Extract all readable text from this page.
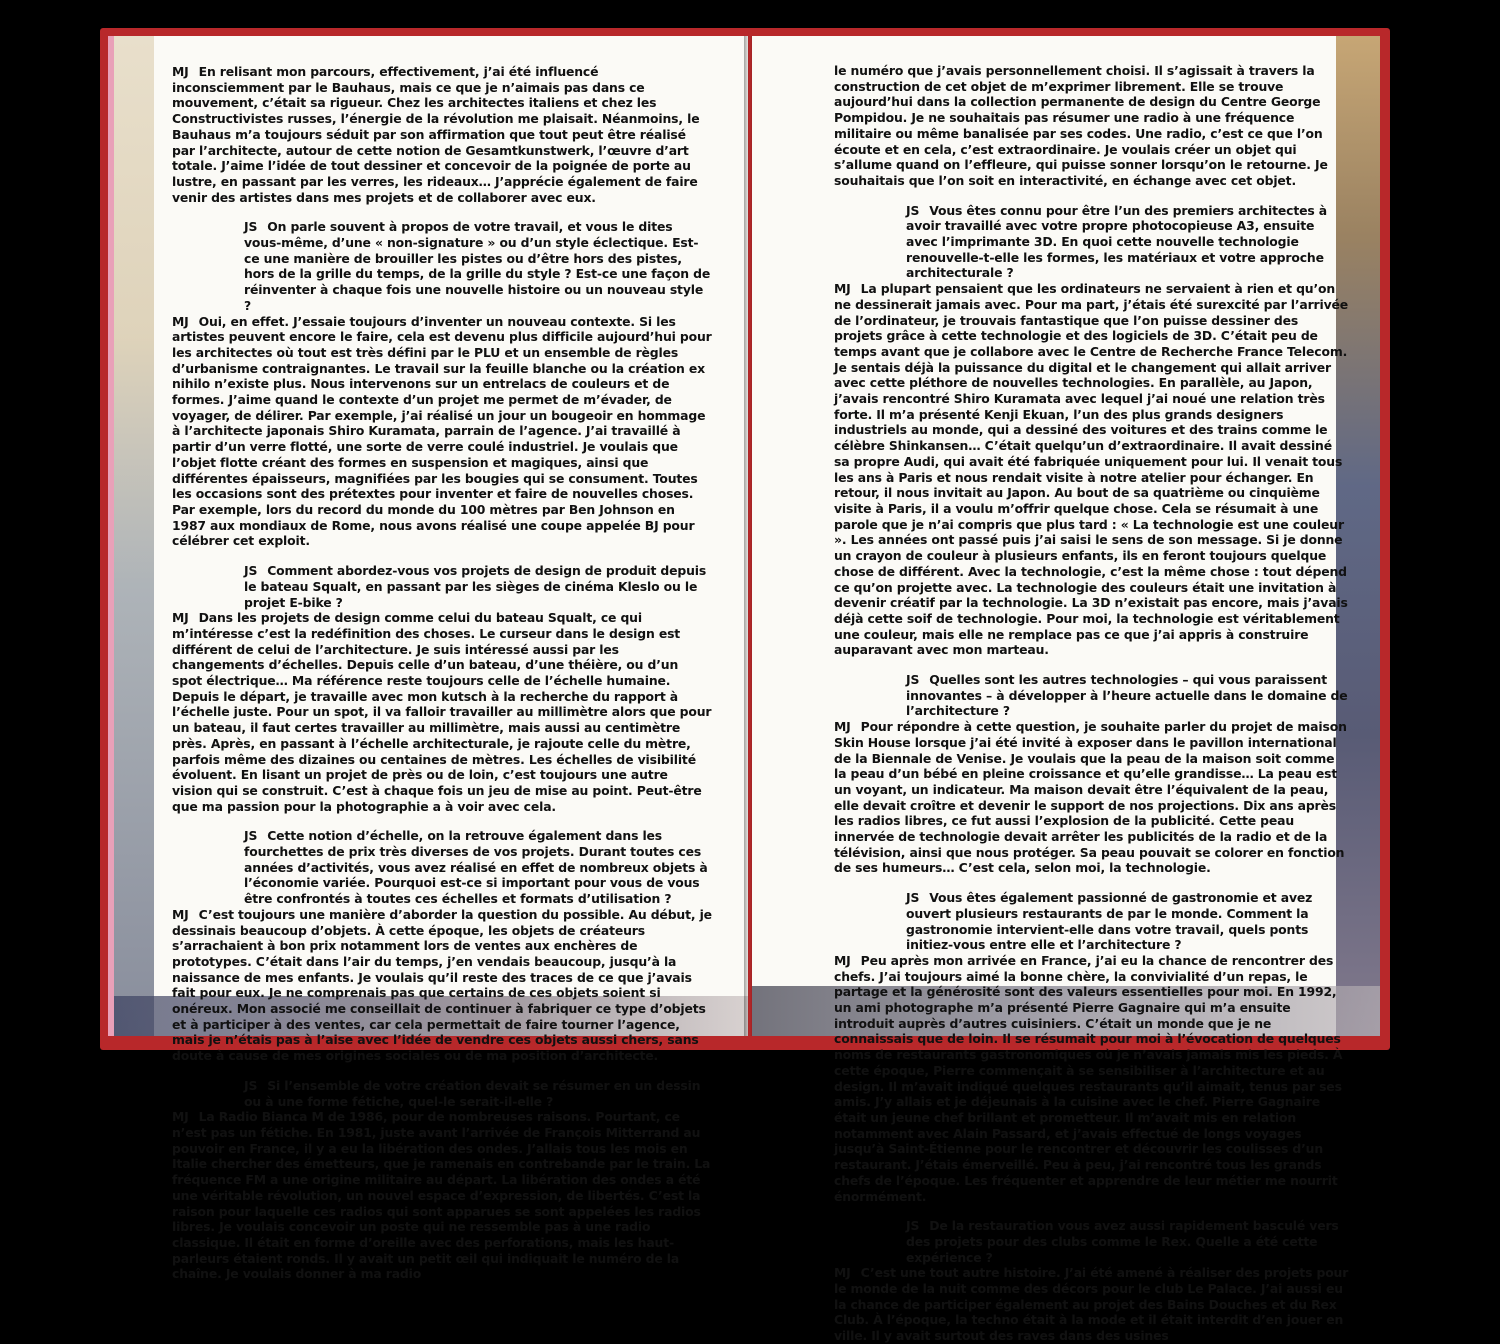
MJ En relisant mon parcours, effectivement, j’ai été influencé inconsciemment par le Bauhaus, mais ce que je n’aimais pas dans ce mouvement, c’était sa rigueur. Chez les architectes italiens et chez les Constructivistes russes, l’énergie de la révolution me plaisait. Néanmoins, le Bauhaus m’a toujours séduit par son affirmation que tout peut être réalisé par l’architecte, autour de cette notion de Gesamtkunstwerk, l’œuvre d’art totale. J’aime l’idée de tout dessiner et concevoir de la poignée de porte au lustre, en passant par les verres, les rideaux… J’apprécie également de faire venir des artistes dans mes projets et de collaborer avec eux.

JS On parle souvent à propos de votre travail, et vous le dites vous-même, d’une « non-signature » ou d’un style éclectique. Est-ce une manière de brouiller les pistes ou d’être hors des pistes, hors de la grille du temps, de la grille du style ? Est-ce une façon de réinventer à chaque fois une nouvelle histoire ou un nouveau style ?

MJ Oui, en effet. J’essaie toujours d’inventer un nouveau contexte. Si les artistes peuvent encore le faire, cela est devenu plus difficile aujourd’hui pour les architectes où tout est très défini par le PLU et un ensemble de règles d’urbanisme contraignantes. Le travail sur la feuille blanche ou la création ex nihilo n’existe plus. Nous intervenons sur un entrelacs de couleurs et de formes. J’aime quand le contexte d’un projet me permet de m’évader, de voyager, de délirer. Par exemple, j’ai réalisé un jour un bougeoir en hommage à l’architecte japonais Shiro Kuramata, parrain de l’agence. J’ai travaillé à partir d’un verre flotté, une sorte de verre coulé industriel. Je voulais que l’objet flotte créant des formes en suspension et magiques, ainsi que différentes épaisseurs, magnifiées par les bougies qui se consument. Toutes les occasions sont des prétextes pour inventer et faire de nouvelles choses. Par exemple, lors du record du monde du 100 mètres par Ben Johnson en 1987 aux mondiaux de Rome, nous avons réalisé une coupe appelée BJ pour célébrer cet exploit.

JS Comment abordez-vous vos projets de design de produit depuis le bateau Squalt, en passant par les sièges de cinéma Kleslo ou le projet E-bike ?

MJ Dans les projets de design comme celui du bateau Squalt, ce qui m’intéresse c’est la redéfinition des choses. Le curseur dans le design est différent de celui de l’architecture. Je suis intéressé aussi par les changements d’échelles. Depuis celle d’un bateau, d’une théière, ou d’un spot électrique… Ma référence reste toujours celle de l’échelle humaine. Depuis le départ, je travaille avec mon kutsch à la recherche du rapport à l’échelle juste. Pour un spot, il va falloir travailler au millimètre alors que pour un bateau, il faut certes travailler au millimètre, mais aussi au centimètre près. Après, en passant à l’échelle architecturale, je rajoute celle du mètre, parfois même des dizaines ou centaines de mètres. Les échelles de visibilité évoluent. En lisant un projet de près ou de loin, c’est toujours une autre vision qui se construit. C’est à chaque fois un jeu de mise au point. Peut-être que ma passion pour la photographie a à voir avec cela.

JS Cette notion d’échelle, on la retrouve également dans les fourchettes de prix très diverses de vos projets. Durant toutes ces années d’activités, vous avez réalisé en effet de nombreux objets à l’économie variée. Pourquoi est-ce si important pour vous de vous être confrontés à toutes ces échelles et formats d’utilisation ?

MJ C’est toujours une manière d’aborder la question du possible. Au début, je dessinais beaucoup d’objets. À cette époque, les objets de créateurs s’arrachaient à bon prix notamment lors de ventes aux enchères de prototypes. C’était dans l’air du temps, j’en vendais beaucoup, jusqu’à la naissance de mes enfants. Je voulais qu’il reste des traces de ce que j’avais fait pour eux. Je ne comprenais pas que certains de ces objets soient si onéreux. Mon associé me conseillait de continuer à fabriquer ce type d’objets et à participer à des ventes, car cela permettait de faire tourner l’agence, mais je n’étais pas à l’aise avec l’idée de vendre ces objets aussi chers, sans doute à cause de mes origines sociales ou de ma position d’architecte.

JS Si l’ensemble de votre création devait se résumer en un dessin ou à une forme fétiche, quel-le serait-il-elle ?

MJ La Radio Bianca M de 1986, pour de nombreuses raisons. Pourtant, ce n’est pas un fétiche. En 1981, juste avant l’arrivée de François Mitterrand au pouvoir en France, il y a eu la libération des ondes. J’allais tous les mois en Italie chercher des émetteurs, que je ramenais en contrebande par le train. La fréquence FM a une origine militaire au départ. La libération des ondes a été une véritable révolution, un nouvel espace d’expression, de libertés. C’est la raison pour laquelle ces radios qui sont apparues se sont appelées les radios libres. Je voulais concevoir un poste qui ne ressemble pas à une radio classique. Il était en forme d’oreille avec des perforations, mais les haut-parleurs étaient ronds. Il y avait un petit œil qui indiquait le numéro de la chaîne. Je voulais donner à ma radio

le numéro que j’avais personnellement choisi. Il s’agissait à travers la construction de cet objet de m’exprimer librement. Elle se trouve aujourd’hui dans la collection permanente de design du Centre George Pompidou. Je ne souhaitais pas résumer une radio à une fréquence militaire ou même banalisée par ses codes. Une radio, c’est ce que l’on écoute et en cela, c’est extraordinaire. Je voulais créer un objet qui s’allume quand on l’effleure, qui puisse sonner lorsqu’on le retourne. Je souhaitais que l’on soit en interactivité, en échange avec cet objet.

JS Vous êtes connu pour être l’un des premiers architectes à avoir travaillé avec votre propre photocopieuse A3, ensuite avec l’imprimante 3D. En quoi cette nouvelle technologie renouvelle-t-elle les formes, les matériaux et votre approche architecturale ?

MJ La plupart pensaient que les ordinateurs ne servaient à rien et qu’on ne dessinerait jamais avec. Pour ma part, j’étais été surexcité par l’arrivée de l’ordinateur, je trouvais fantastique que l’on puisse dessiner des projets grâce à cette technologie et des logiciels de 3D. C’était peu de temps avant que je collabore avec le Centre de Recherche France Telecom. Je sentais déjà la puissance du digital et le changement qui allait arriver avec cette pléthore de nouvelles technologies. En parallèle, au Japon, j’avais rencontré Shiro Kuramata avec lequel j’ai noué une relation très forte. Il m’a présenté Kenji Ekuan, l’un des plus grands designers industriels au monde, qui a dessiné des voitures et des trains comme le célèbre Shinkansen… C’était quelqu’un d’extraordinaire. Il avait dessiné sa propre Audi, qui avait été fabriquée uniquement pour lui. Il venait tous les ans à Paris et nous rendait visite à notre atelier pour échanger. En retour, il nous invitait au Japon. Au bout de sa quatrième ou cinquième visite à Paris, il a voulu m’offrir quelque chose. Cela se résumait à une parole que je n’ai compris que plus tard : « La technologie est une couleur ». Les années ont passé puis j’ai saisi le sens de son message. Si je donne un crayon de couleur à plusieurs enfants, ils en feront toujours quelque chose de différent. Avec la technologie, c’est la même chose : tout dépend ce qu’on projette avec. La technologie des couleurs était une invitation à devenir créatif par la technologie. La 3D n’existait pas encore, mais j’avais déjà cette soif de technologie. Pour moi, la technologie est véritablement une couleur, mais elle ne remplace pas ce que j’ai appris à construire auparavant avec mon marteau.

JS Quelles sont les autres technologies – qui vous paraissent innovantes – à développer à l’heure actuelle dans le domaine de l’architecture ?

MJ Pour répondre à cette question, je souhaite parler du projet de maison Skin House lorsque j’ai été invité à exposer dans le pavillon international de la Biennale de Venise. Je voulais que la peau de la maison soit comme la peau d’un bébé en pleine croissance et qu’elle grandisse… La peau est un voyant, un indicateur. Ma maison devait être l’équivalent de la peau, elle devait croître et devenir le support de nos projections. Dix ans après les radios libres, ce fut aussi l’explosion de la publicité. Cette peau innervée de technologie devait arrêter les publicités de la radio et de la télévision, ainsi que nous protéger. Sa peau pouvait se colorer en fonction de ses humeurs… C’est cela, selon moi, la technologie.

JS Vous êtes également passionné de gastronomie et avez ouvert plusieurs restaurants de par le monde. Comment la gastronomie intervient-elle dans votre travail, quels ponts initiez-vous entre elle et l’architecture ?

MJ Peu après mon arrivée en France, j’ai eu la chance de rencontrer des chefs. J’ai toujours aimé la bonne chère, la convivialité d’un repas, le partage et la générosité sont des valeurs essentielles pour moi. En 1992, un ami photographe m’a présenté Pierre Gagnaire qui m’a ensuite introduit auprès d’autres cuisiniers. C’était un monde que je ne connaissais que de loin. Il se résumait pour moi à l’évocation de quelques noms de restaurants gastronomiques où je n’avais jamais mis les pieds. À cette époque, Pierre commençait à se sensibiliser à l’architecture et au design. Il m’avait indiqué quelques restaurants qu’il aimait, tenus par ses amis. J’y allais et je déjeunais à la cuisine avec le chef. Pierre Gagnaire était un jeune chef brillant et prometteur. Il m’avait mis en relation notamment avec Alain Passard, et j’avais effectué de longs voyages jusqu’à Saint-Étienne pour le rencontrer et découvrir les coulisses d’un restaurant. J’étais émerveillé. Peu à peu, j’ai rencontré tous les grands chefs de l’époque. Les fréquenter et apprendre de leur métier me nourrit énormément.

JS De la restauration vous avez aussi rapidement basculé vers des projets pour des clubs comme le Rex. Quelle a été cette expérience ?

MJ C’est une tout autre histoire. J’ai été amené à réaliser des projets pour le monde de la nuit comme des décors pour le club Le Palace. J’ai aussi eu la chance de participer également au projet des Bains Douches et du Rex Club. À l’époque, la techno était à la mode et il était interdit d’en jouer en ville. Il y avait surtout des raves dans des usines
